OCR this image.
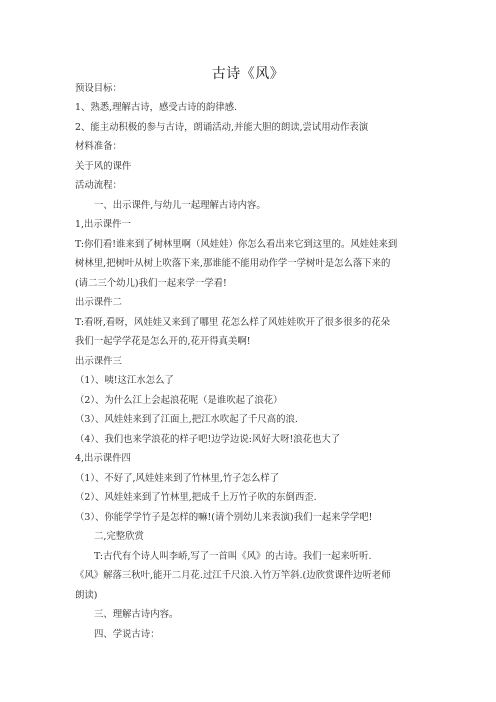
古诗《风》
预设目标：
1、熟悉,理解古诗，感受古诗的韵律感.
2、能主动积极的参与古诗，朗诵活动,并能大胆的朗读,尝试用动作表演
材料准备：
关于风的课件
活动流程：
一、出示课件,与幼儿一起理解古诗内容。
1,出示课件一
T:你们看!谁来到了树林里啊（风娃娃）你怎么看出来它到这里的。风娃娃来到
树林里,把树叶从树上吹落下来,那谁能不能用动作学一学树叶是怎么落下来的
(请二三个幼儿)我们一起来学一学看!
出示课件二
T:看呀,看呀，风娃娃又来到了哪里 花怎么样了风娃娃吹开了很多很多的花朵
我们一起学学花是怎么开的,花开得真美啊!
出示课件三
（1）、咦!这江水怎么了
（2）、为什么江上会起浪花呢（是谁吹起了浪花）
（3）、风娃娃来到了江面上,把江水吹起了千尺高的浪.
（4）、我们也来学浪花的样子吧!边学边说:风好大呀!浪花也大了
4,出示课件四
（1）、不好了,风娃娃来到了竹林里,竹子怎么样了
（2）、风娃娃来到了竹林里,把成千上万竹子吹的东倒西歪.
（3）、你能学学竹子是怎样的嘛!(请个别幼儿来表演)我们一起来学学吧!
二,完整欣赏
T:古代有个诗人叫李峤,写了一首叫《风》的古诗。我们一起来听听.
《风》解落三秋叶,能开二月花.过江千尺浪.入竹万竿斜.(边欣赏课件边听老师
朗读)
三、理解古诗内容。
四、学说古诗：
